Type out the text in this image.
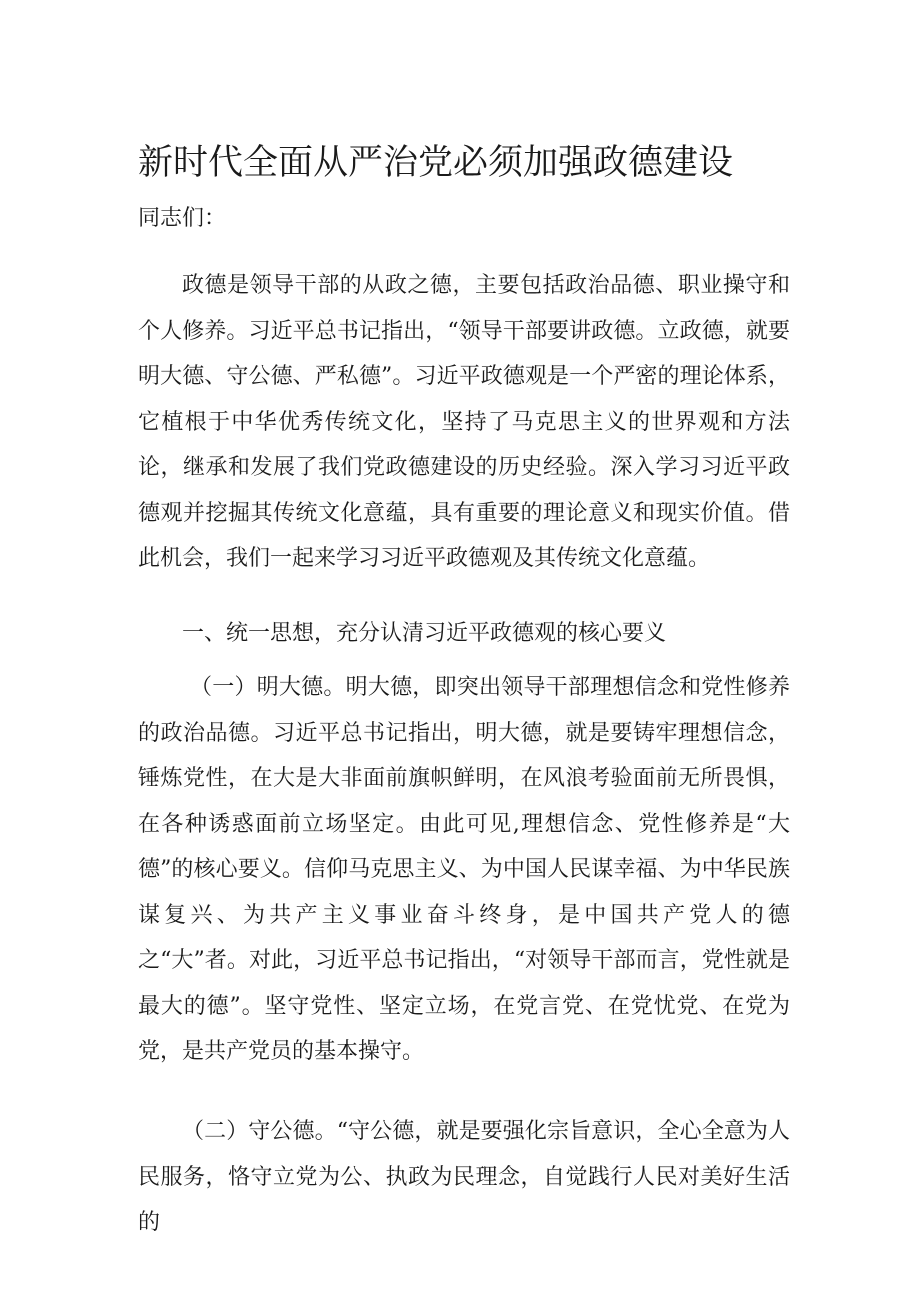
新时代全面从严治党必须加强政德建设

同志们：

政德是领导干部的从政之德，主要包括政治品德、职业操守和个人修养。习近平总书记指出，“领导干部要讲政德。立政德，就要明大德、守公德、严私德”。习近平政德观是一个严密的理论体系，它植根于中华优秀传统文化，坚持了马克思主义的世界观和方法论，继承和发展了我们党政德建设的历史经验。深入学习习近平政德观并挖掘其传统文化意蕴，具有重要的理论意义和现实价值。借此机会，我们一起来学习习近平政德观及其传统文化意蕴。

一、统一思想，充分认清习近平政德观的核心要义

（一）明大德。明大德，即突出领导干部理想信念和党性修养的政治品德。习近平总书记指出，明大德，就是要铸牢理想信念，锤炼党性，在大是大非面前旗帜鲜明，在风浪考验面前无所畏惧，在各种诱惑面前立场坚定。由此可见,理想信念、党性修养是“大德”的核心要义。信仰马克思主义、为中国人民谋幸福、为中华民族谋复兴、为共产主义事业奋斗终身，是中国共产党人的德之“大”者。对此，习近平总书记指出，“对领导干部而言，党性就是最大的德”。坚守党性、坚定立场，在党言党、在党忧党、在党为党，是共产党员的基本操守。

（二）守公德。“守公德，就是要强化宗旨意识，全心全意为人民服务，恪守立党为公、执政为民理念，自觉践行人民对美好生活的
